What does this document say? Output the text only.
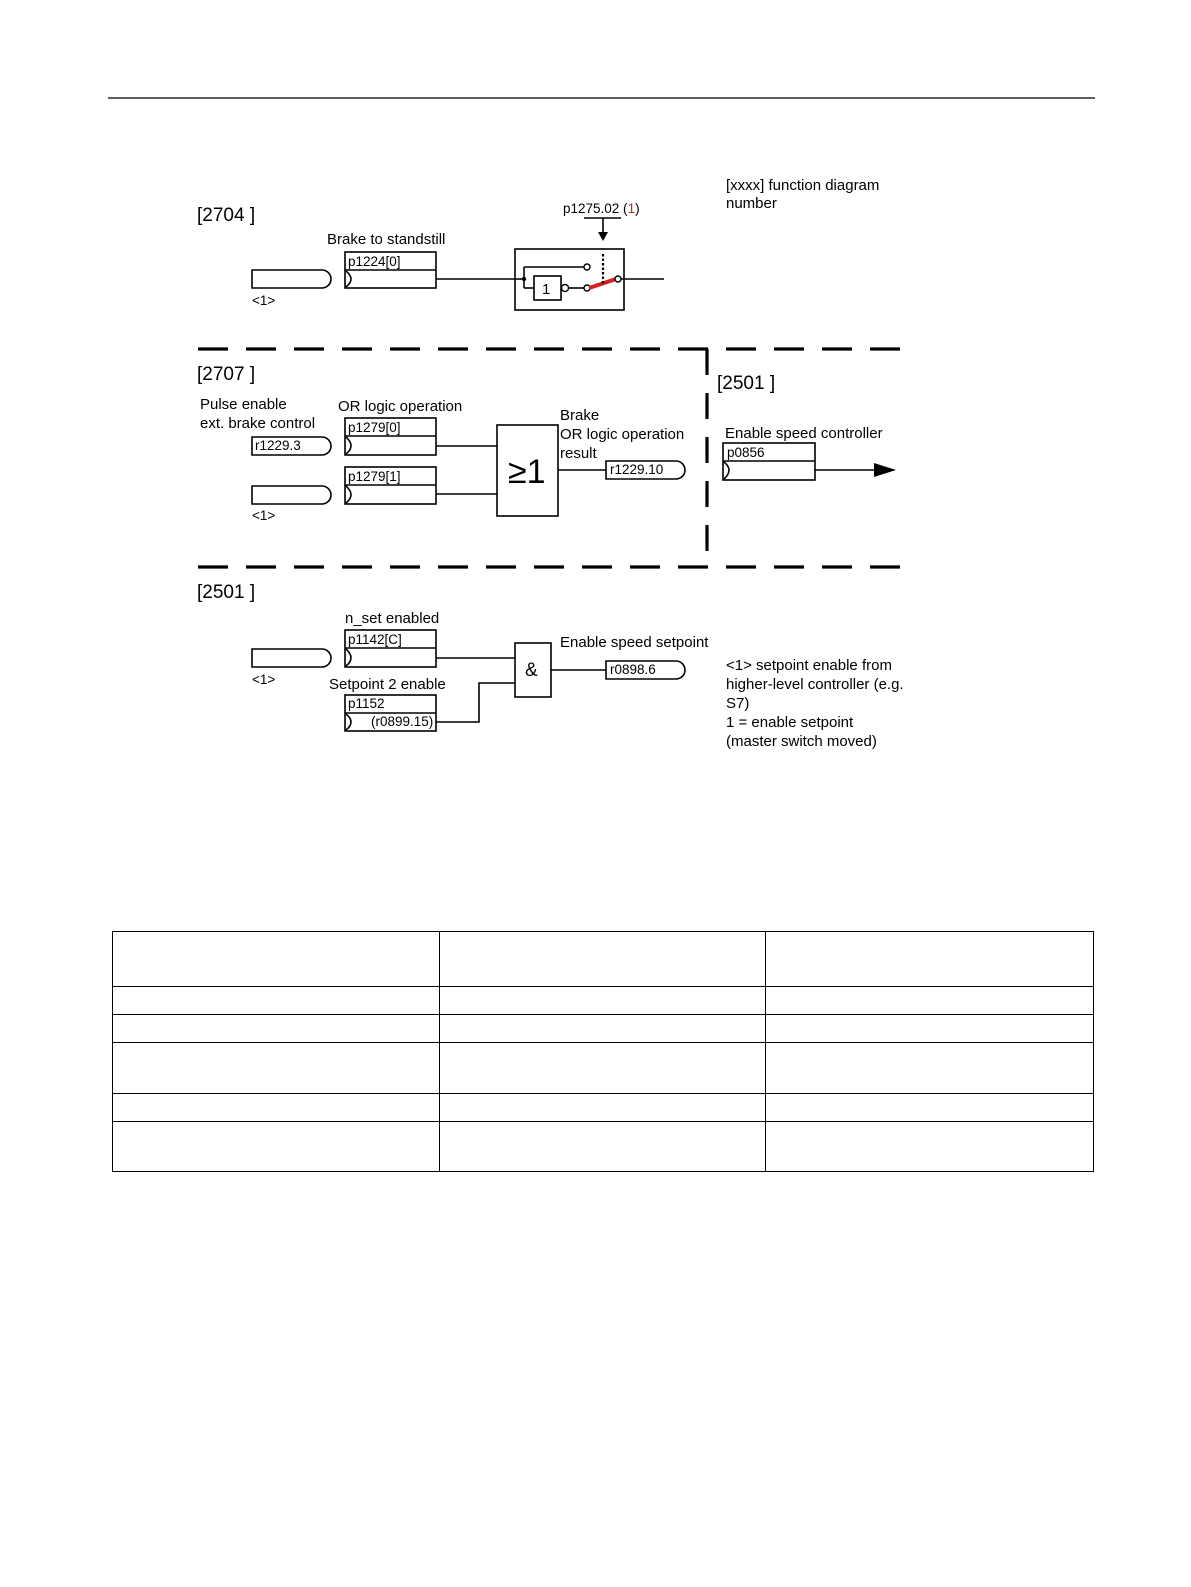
[xxxx] function diagram
number
[2704 ]
<1>
Brake to standstill
p1224[0]
1
p1275.02 (1)
[2707 ]
Pulse enable
ext. brake control
r1229.3
<1>
OR logic operation
p1279[0]
p1279[1]	≥1
Brake
OR logic operation
result
r1229.10
[2501 ]
Enable speed controller
p0856
[2501 ]
<1>
n_set enabled
p1142[C]
Setpoint 2 enable
p1152
(r0899.15)
&
Enable speed setpoint
r0898.6	<1> setpoint enable from
higher-level controller (e.g.
S7)
1 = enable setpoint
(master switch moved)
